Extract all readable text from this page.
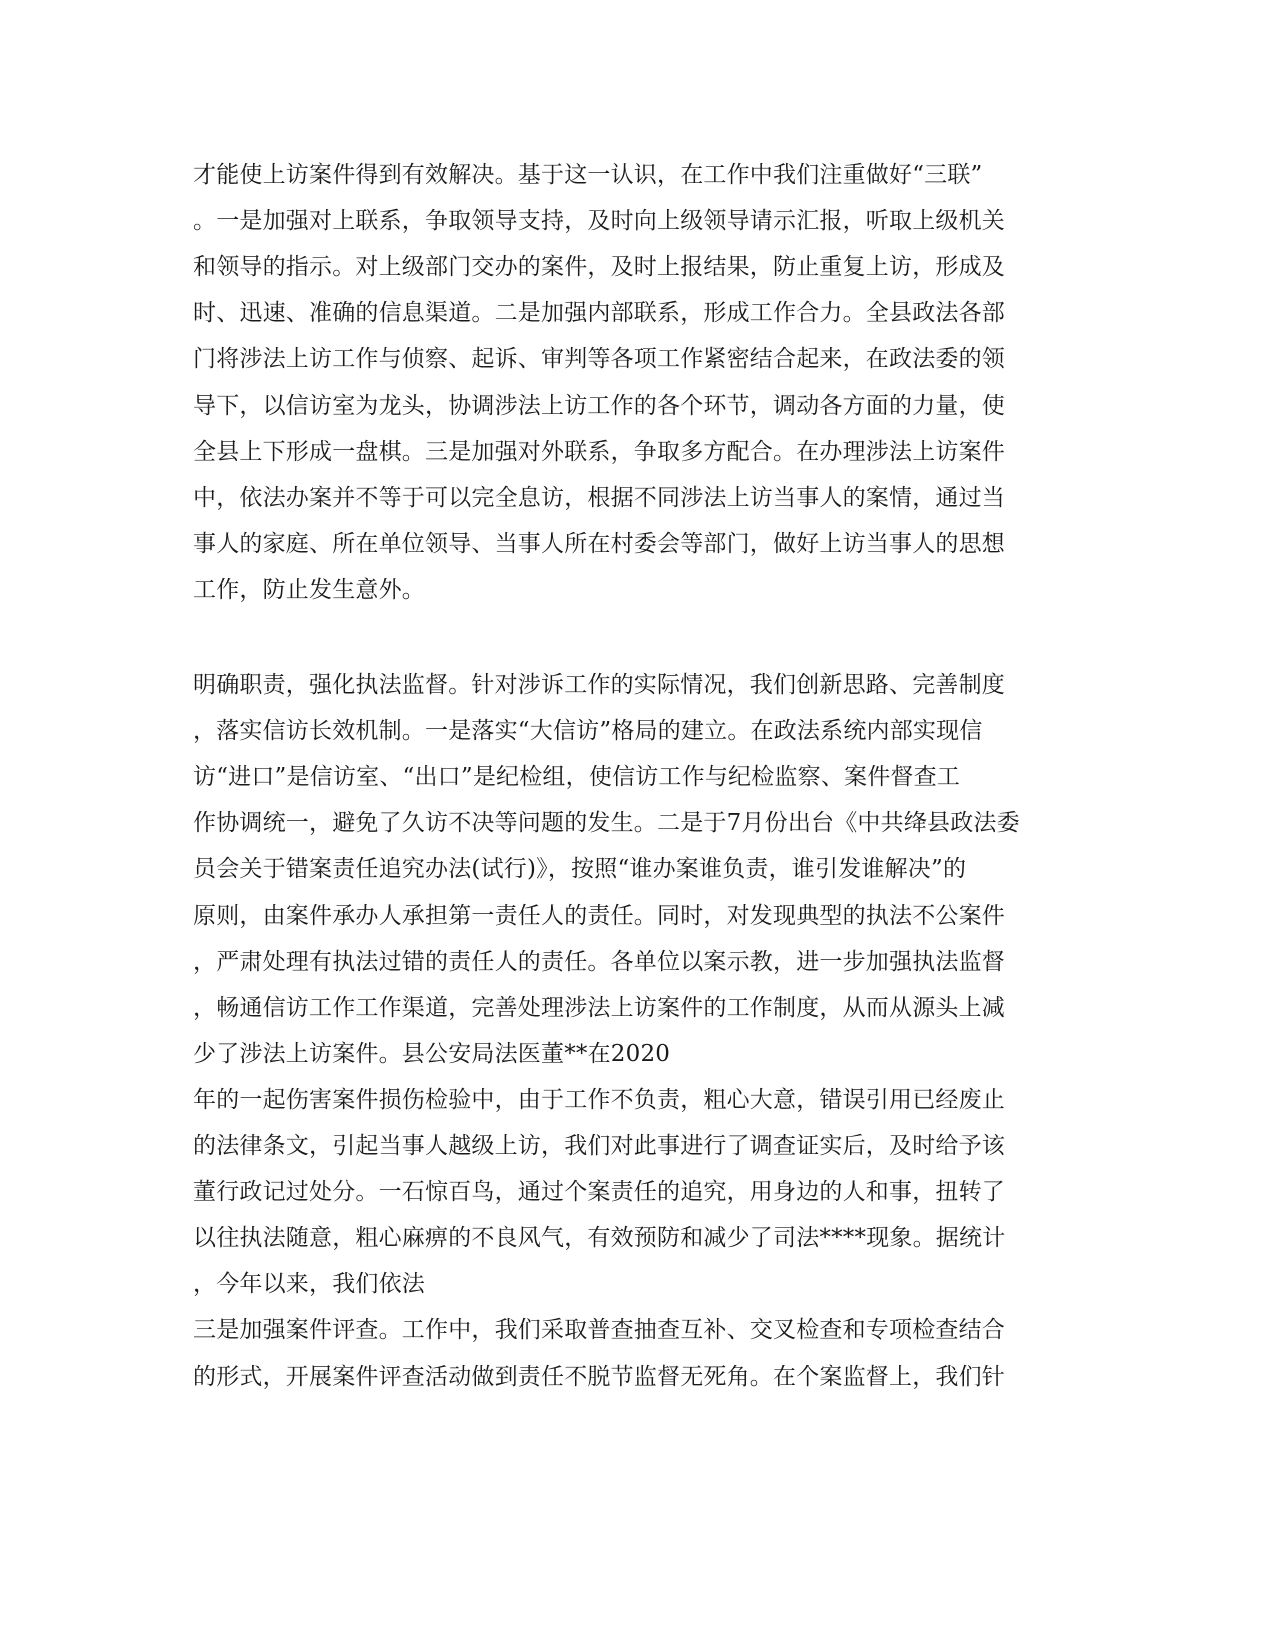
才能使上访案件得到有效解决。基于这一认识，在工作中我们注重做好“三联”
。一是加强对上联系，争取领导支持，及时向上级领导请示汇报，听取上级机关
和领导的指示。对上级部门交办的案件，及时上报结果，防止重复上访，形成及
时、迅速、准确的信息渠道。二是加强内部联系，形成工作合力。全县政法各部
门将涉法上访工作与侦察、起诉、审判等各项工作紧密结合起来，在政法委的领
导下，以信访室为龙头，协调涉法上访工作的各个环节，调动各方面的力量，使
全县上下形成一盘棋。三是加强对外联系，争取多方配合。在办理涉法上访案件
中，依法办案并不等于可以完全息访，根据不同涉法上访当事人的案情，通过当
事人的家庭、所在单位领导、当事人所在村委会等部门，做好上访当事人的思想
工作，防止发生意外。
明确职责，强化执法监督。针对涉诉工作的实际情况，我们创新思路、完善制度
，落实信访长效机制。一是落实“大信访”格局的建立。在政法系统内部实现信
访“进口”是信访室、“出口”是纪检组，使信访工作与纪检监察、案件督查工
作协调统一，避免了久访不决等问题的发生。二是于7月份出台《中共绛县政法委
员会关于错案责任追究办法(试行)》，按照“谁办案谁负责，谁引发谁解决”的
原则，由案件承办人承担第一责任人的责任。同时，对发现典型的执法不公案件
，严肃处理有执法过错的责任人的责任。各单位以案示教，进一步加强执法监督
，畅通信访工作工作渠道，完善处理涉法上访案件的工作制度，从而从源头上减
少了涉法上访案件。县公安局法医董**在2020
年的一起伤害案件损伤检验中，由于工作不负责，粗心大意，错误引用已经废止
的法律条文，引起当事人越级上访，我们对此事进行了调查证实后，及时给予该
董行政记过处分。一石惊百鸟，通过个案责任的追究，用身边的人和事，扭转了
以往执法随意，粗心麻痹的不良风气，有效预防和减少了司法****现象。据统计
，今年以来，我们依法
三是加强案件评查。工作中，我们采取普查抽查互补、交叉检查和专项检查结合
的形式，开展案件评查活动做到责任不脱节监督无死角。在个案监督上，我们针
